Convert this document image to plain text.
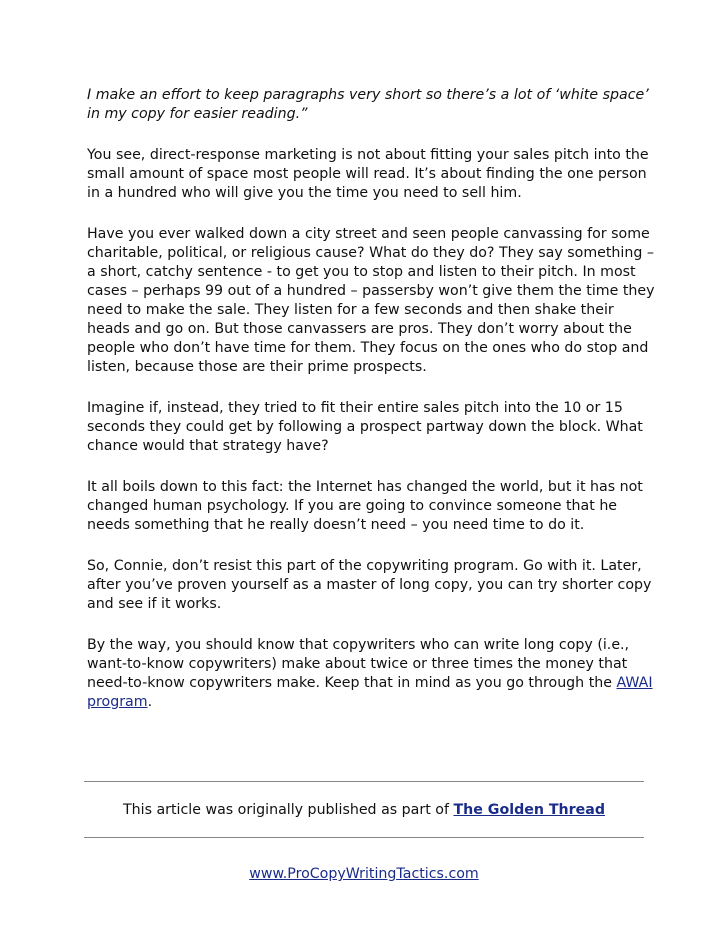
I make an effort to keep paragraphs very short so there’s a lot of ‘white space’ in my copy for easier reading.”

You see, direct-response marketing is not about fitting your sales pitch into the small amount of space most people will read. It’s about finding the one person in a hundred who will give you the time you need to sell him.

Have you ever walked down a city street and seen people canvassing for some charitable, political, or religious cause? What do they do? They say something – a short, catchy sentence - to get you to stop and listen to their pitch. In most cases – perhaps 99 out of a hundred – passersby won’t give them the time they need to make the sale. They listen for a few seconds and then shake their heads and go on. But those canvassers are pros. They don’t worry about the people who don’t have time for them. They focus on the ones who do stop and listen, because those are their prime prospects.

Imagine if, instead, they tried to fit their entire sales pitch into the 10 or 15 seconds they could get by following a prospect partway down the block. What chance would that strategy have?

It all boils down to this fact: the Internet has changed the world, but it has not changed human psychology. If you are going to convince someone that he needs something that he really doesn’t need – you need time to do it.

So, Connie, don’t resist this part of the copywriting program. Go with it. Later, after you’ve proven yourself as a master of long copy, you can try shorter copy and see if it works.

By the way, you should know that copywriters who can write long copy (i.e., want-to-know copywriters) make about twice or three times the money that need-to-know copywriters make. Keep that in mind as you go through the AWAI program.

This article was originally published as part of The Golden Thread
www.ProCopyWritingTactics.com
